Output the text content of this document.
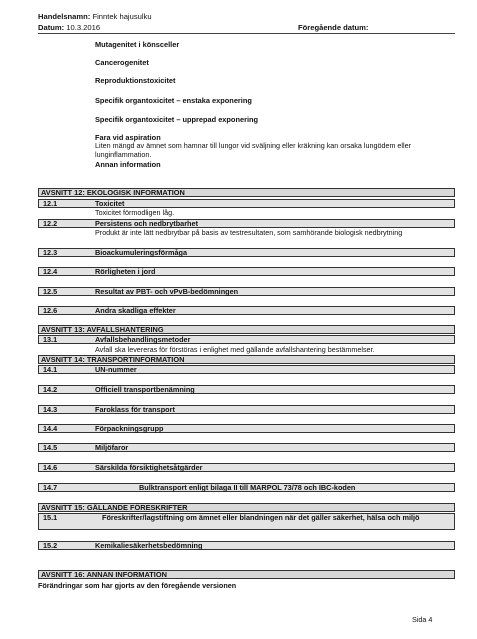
Handelsnamn: Finntek hajusulku
Datum: 10.3.2016	Föregående datum:
Mutagenitet i könsceller
Cancerogenitet
Reproduktionstoxicitet
Specifik organtoxicitet – enstaka exponering
Specifik organtoxicitet – upprepad exponering
Fara vid aspiration
Liten mängd av ämnet som hamnar till lungor vid sväljning eller kräkning kan orsaka lungödem eller lunginflammation.
Annan information
AVSNITT 12: EKOLOGISK INFORMATION
12.1	Toxicitet
Toxicitet förmodligen låg.
12.2	Persistens och nedbrytbarhet
Produkt är inte lätt nedbrytbar på basis av testresultaten, som samhörande biologisk nedbrytning
12.3	Bioackumuleringsförmåga
12.4	Rörligheten i jord
12.5	Resultat av PBT- och vPvB-bedömningen
12.6	Andra skadliga effekter
AVSNITT 13: AVFALLSHANTERING
13.1	Avfallsbehandlingsmetoder
Avfall ska levereras för förstöras i enlighet med gällande avfallshantering bestämmelser.
AVSNITT 14: TRANSPORTINFORMATION
14.1	UN-nummer
14.2	Officiell transportbenämning
14.3	Faroklass för transport
14.4	Förpackningsgrupp
14.5	Miljöfaror
14.6	Särskilda försiktighetsåtgärder
14.7	Bulktransport enligt bilaga II till MARPOL 73/78 och IBC-koden
AVSNITT 15: GÄLLANDE FÖRESKRIFTER
15.1	Föreskrifter/lagstiftning om ämnet eller blandningen när det gäller säkerhet, hälsa och miljö
15.2	Kemikaliesäkerhetsbedömning
AVSNITT 16: ANNAN INFORMATION
Förändringar som har gjorts av den föregående versionen
Sida 4
